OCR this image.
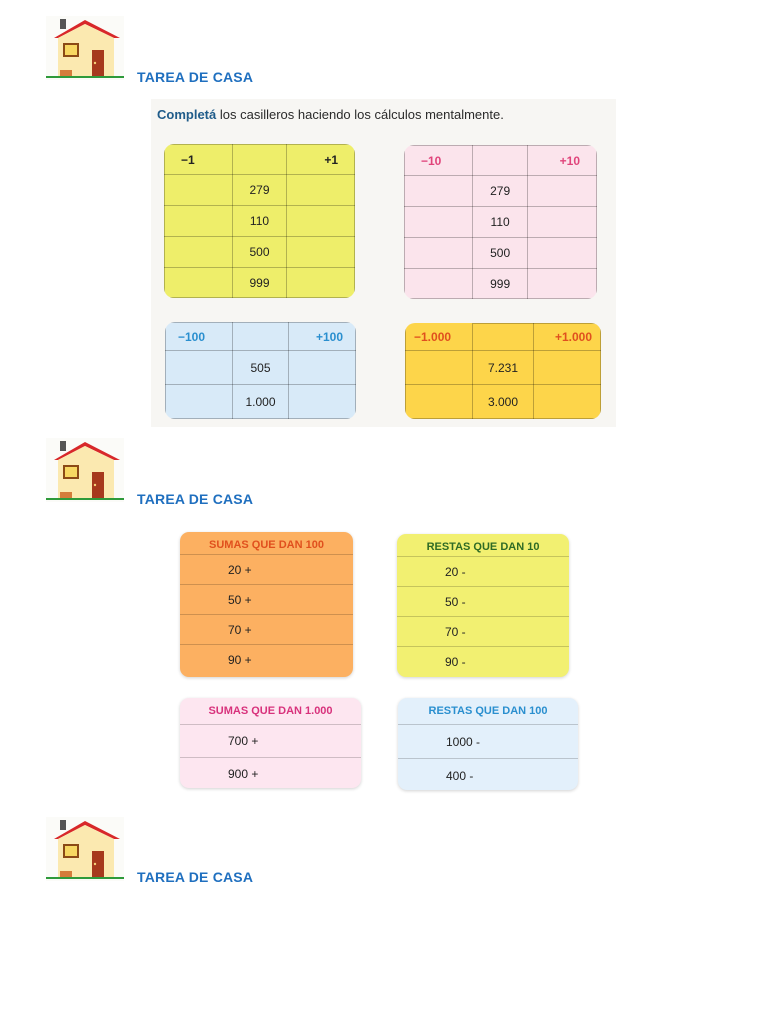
TAREA DE CASA
Completá los casilleros haciendo los cálculos mentalmente.
−1		+1
	279	
	110	
	500	
	999	
−10		+10
	279	
	110	
	500	
	999	
−100		+100
	505	
	1.000	
−1.000		+1.000
	7.231	
	3.000	
TAREA DE CASA
SUMAS QUE DAN 100
20 +
50 +
70 +
90 +
RESTAS QUE DAN 10
20 -
50 -
70 -
90 -
SUMAS QUE DAN 1.000
700 +
900 +
RESTAS QUE DAN 100
1000 -
400 -
TAREA DE CASA
